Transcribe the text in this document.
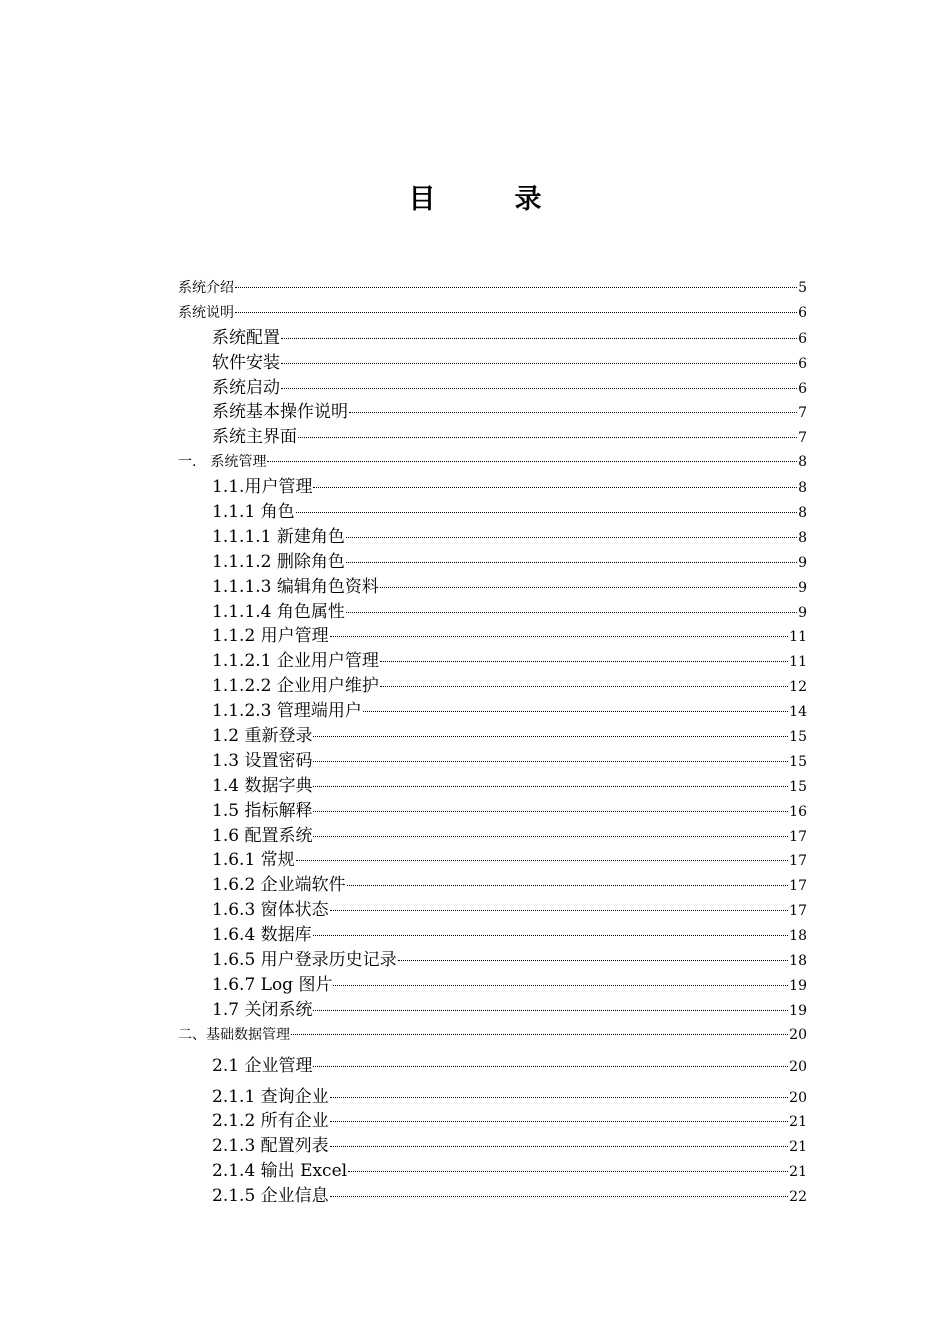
目　录
系统介绍	5
系统说明	6
系统配置	6
软件安装	6
系统启动	6
系统基本操作说明	7
系统主界面	7
一.　系统管理	8
1.1.用户管理	8
1.1.1 角色	8
1.1.1.1 新建角色	8
1.1.1.2 删除角色	9
1.1.1.3 编辑角色资料	9
1.1.1.4 角色属性	9
1.1.2 用户管理	11
1.1.2.1 企业用户管理	11
1.1.2.2 企业用户维护	12
1.1.2.3 管理端用户	14
1.2 重新登录	15
1.3 设置密码	15
1.4 数据字典	15
1.5 指标解释	16
1.6 配置系统	17
1.6.1 常规	17
1.6.2 企业端软件	17
1.6.3 窗体状态	17
1.6.4 数据库	18
1.6.5 用户登录历史记录	18
1.6.7 Log 图片	19
1.7 关闭系统	19
二、基础数据管理	20
2.1 企业管理	20
2.1.1 查询企业	20
2.1.2 所有企业	21
2.1.3 配置列表	21
2.1.4 输出 Excel	21
2.1.5 企业信息	22
